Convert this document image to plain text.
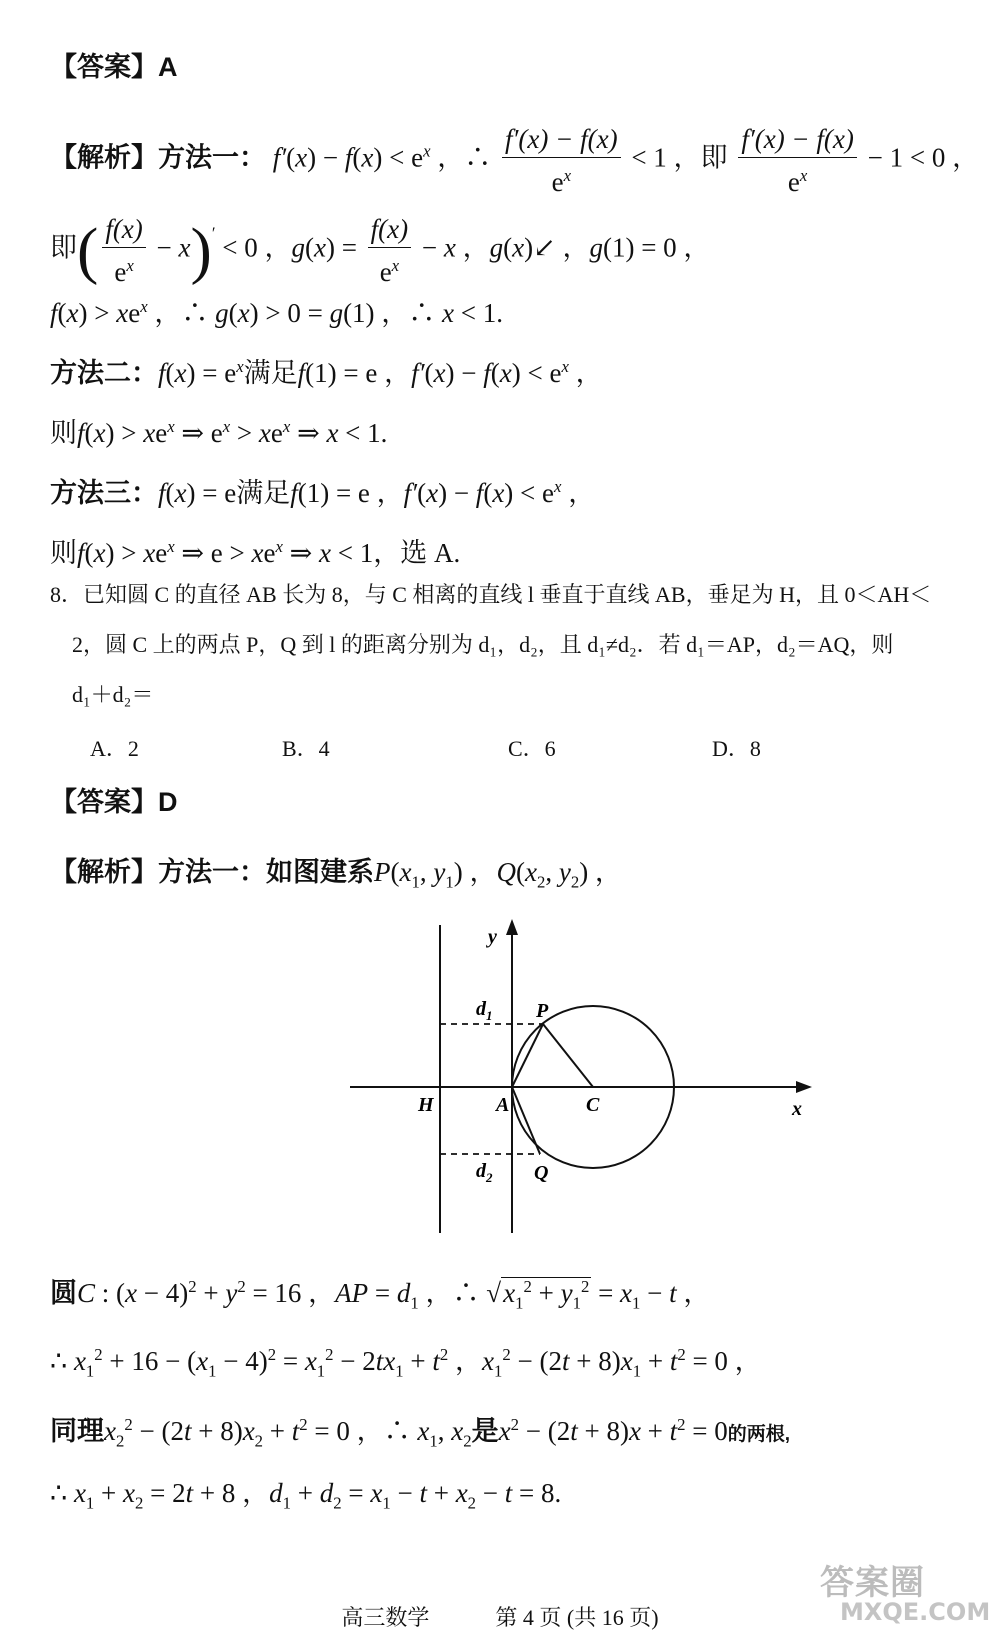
【答案】A
【解析】方法一： $f'(x) - f(x) < e^x$ ，∴ $\frac{f'(x) - f(x)}{e^x} < 1$ ，即 $\frac{f'(x) - f(x)}{e^x} - 1 < 0$ ，
即( $\frac{f(x)}{e^x} - x)' < 0$ ，$g(x) = \frac{f(x)}{e^x} - x$ ，g(x)↙ ，g(1) = 0 ，
$f(x) > xe^x$ ，∴ g(x) > 0 = g(1) ，∴ x < 1.
方法二：$f(x) = e^x$满足f(1) = e ，$f'(x) - f(x) < e^x$ ，
则$f(x) > xe^x$ ⇒ $e^x > xe^x$ ⇒ x < 1.
方法三：f(x) = e满足f(1) = e ，$f'(x) - f(x) < e^x$ ，
则$f(x) > xe^x$ ⇒ $e > xe^x$ ⇒ x < 1，选 A.
8．已知圆 C 的直径 AB 长为 8，与 C 相离的直线 l 垂直于直线 AB，垂足为 H，且 0＜AH＜
2，圆 C 上的两点 P，Q 到 l 的距离分别为 d₁，d₂，且 d₁≠d₂．若 d₁＝AP，d₂＝AQ，则
d₁＋d₂＝
A．2	B．4	C．6	D．8
【答案】D
【解析】方法一：如图建系$P(x_1$, $y_1$) ，$Q(x_2$, $y_2$) ，
y
x
H	A	C
P
Q
$d_1$
$d_2$
圆C : $(x - 4)^2 + y^2 = 16$ ，AP = $d_1$ ，∴ $√x_1^2 + y_1^2 = x_1 - t$ ，
∴ $x_1^2 + 16 - (x_1 - 4)^2 = x_1^2 - 2tx_1 + t^2$ ，$x_1^2 - (2t + 8)x_1 + t^2 = 0$ ，
同理$x_2^2 - (2t + 8)x_2 + t^2 = 0$ ，∴ $x_1$, $x_2$是$x^2 - (2t + 8)x + t^2 = 0$的两根,
∴ $x_1 + x_2 = 2t + 8$ ，$d_1 + d_2 = x_1 - t + x_2 - t = 8$.
答案圈
MXQE.COM
高三数学　　　第 4 页 (共 16 页)
